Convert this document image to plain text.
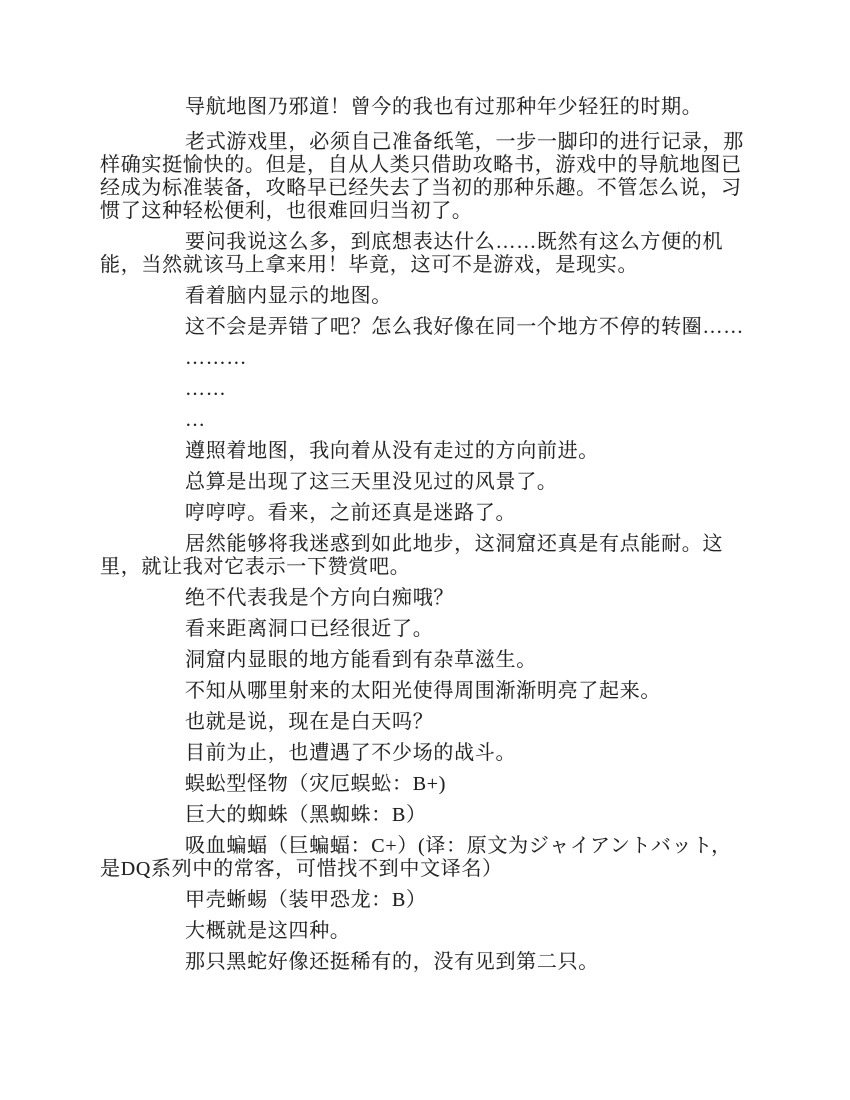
导航地图乃邪道！曾今的我也有过那种年少轻狂的时期。

老式游戏里，必须自己准备纸笔，一步一脚印的进行记录，那样确实挺愉快的。但是，自从人类只借助攻略书，游戏中的导航地图已经成为标准装备，攻略早已经失去了当初的那种乐趣。不管怎么说，习惯了这种轻松便利，也很难回归当初了。

要问我说这么多，到底想表达什么……既然有这么方便的机能，当然就该马上拿来用！毕竟，这可不是游戏，是现实。

看着脑内显示的地图。

这不会是弄错了吧？怎么我好像在同一个地方不停的转圈……

………

……

…

遵照着地图，我向着从没有走过的方向前进。

总算是出现了这三天里没见过的风景了。

哼哼哼。看来，之前还真是迷路了。

居然能够将我迷惑到如此地步，这洞窟还真是有点能耐。这里，就让我对它表示一下赞赏吧。

绝不代表我是个方向白痴哦？

看来距离洞口已经很近了。

洞窟内显眼的地方能看到有杂草滋生。

不知从哪里射来的太阳光使得周围渐渐明亮了起来。

也就是说，现在是白天吗？

目前为止，也遭遇了不少场的战斗。

蜈蚣型怪物（灾厄蜈蚣：B+)

巨大的蜘蛛（黑蜘蛛：B）

吸血蝙蝠（巨蝙蝠：C+）(译：原文为ジャイアントバット，是DQ系列中的常客，可惜找不到中文译名）

甲壳蜥蜴（装甲恐龙：B）

大概就是这四种。

那只黑蛇好像还挺稀有的，没有见到第二只。
